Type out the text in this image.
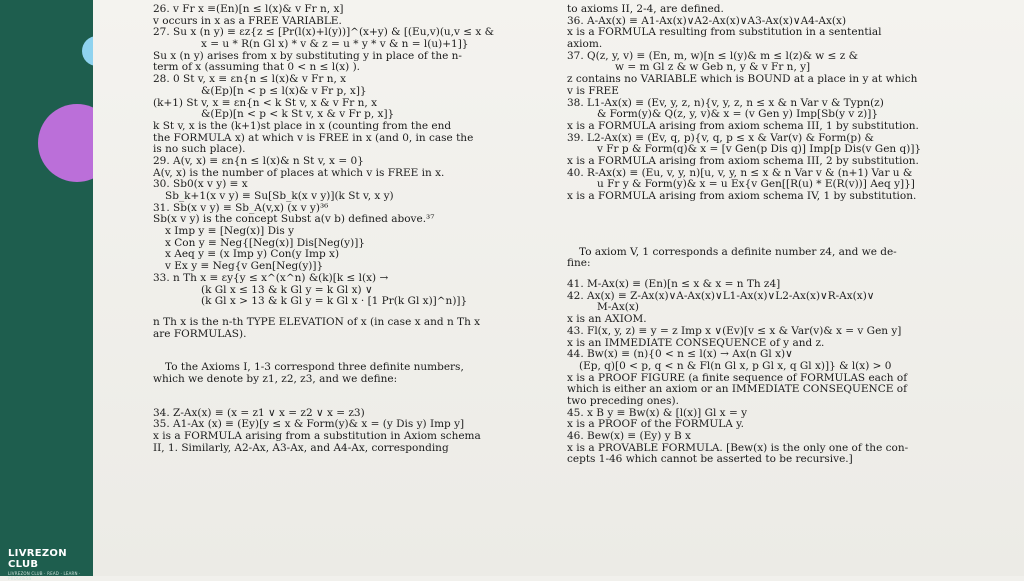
LIVREZON CLUB
LIVREZON CLUB · READ · LEARN · PROGRESS
26. v Fr x ≡(En)[n ≤ l(x)& v Fr n, x]
v occurs in x as a FREE VARIABLE.
27. Su x (n y) ≡ εz{z ≤ [Pr(l(x)+l(y))]^(x+y) & [(Eu,v)(u,v ≤ x &
x = u * R(n Gl x) * v & z = u * y * v & n = l(u)+1]}
Su x (n y) arises from x by substituting y in place of the n-
term of x (assuming that 0 < n ≤ l(x) ).
28. 0 St v, x ≡ εn{n ≤ l(x)& v Fr n, x
&(Ep)[n < p ≤ l(x)& v Fr p, x]}
(k+1) St v, x ≡ εn{n < k St v, x & v Fr n, x
&(Ep)[n < p < k St v, x & v Fr p, x]}
k St v, x is the (k+1)st place in x (counting from the end
the FORMULA x) at which v is FREE in x (and 0, in case the
is no such place).
29. A(v, x) ≡ εn{n ≤ l(x)& n St v, x = 0}
A(v, x) is the number of places at which v is FREE in x.
30. Sb0(x v y) ≡ x
Sb_k+1(x v y) ≡ Su[Sb_k(x v y)](k St v, x y)
31. Sb(x v y) ≡ Sb_A(v,x) (x v y)³⁶
Sb(x v y) is the concept Subst a(v b) defined above.³⁷
x Imp y ≡ [Neg(x)] Dis y
x Con y ≡ Neg{[Neg(x)] Dis[Neg(y)]}
x Aeq y ≡ (x Imp y) Con(y Imp x)
v Ex y ≡ Neg{v Gen[Neg(y)]}
33. n Th x ≡ εy{y ≤ x^(x^n) &(k)[k ≤ l(x) →
(k Gl x ≤ 13 & k Gl y = k Gl x) ∨
(k Gl x > 13 & k Gl y = k Gl x · [1 Pr(k Gl x)]^n)]}
n Th x is the n-th TYPE ELEVATION of x (in case x and n Th x
are FORMULAS).
To the Axioms I, 1-3 correspond three definite numbers,
which we denote by z1, z2, z3, and we define:
34. Z-Ax(x) ≡ (x = z1 ∨ x = z2 ∨ x = z3)
35. A1-Ax (x) ≡ (Ey)[y ≤ x & Form(y)& x = (y Dis y) Imp y]
x is a FORMULA arising from a substitution in Axiom schema
II, 1. Similarly, A2-Ax, A3-Ax, and A4-Ax, corresponding
to axioms II, 2-4, are defined.
36. A-Ax(x) ≡ A1-Ax(x)∨A2-Ax(x)∨A3-Ax(x)∨A4-Ax(x)
x is a FORMULA resulting from substitution in a sentential
axiom.
37. Q(z, y, v) ≡ (En, m, w)[n ≤ l(y)& m ≤ l(z)& w ≤ z &
w = m Gl z & w Geb n, y & v Fr n, y]
z contains no VARIABLE which is BOUND at a place in y at which
v is FREE
38. L1-Ax(x) ≡ (Ev, y, z, n){v, y, z, n ≤ x & n Var v & Typn(z)
& Form(y)& Q(z, y, v)& x = (v Gen y) Imp[Sb(y v z)]}
x is a FORMULA arising from axiom schema III, 1 by substitution.
39. L2-Ax(x) ≡ (Ev, q, p){v, q, p ≤ x & Var(v) & Form(p) &
v Fr p & Form(q)& x = [v Gen(p Dis q)] Imp[p Dis(v Gen q)]}
x is a FORMULA arising from axiom schema III, 2 by substitution.
40. R-Ax(x) ≡ (Eu, v, y, n)[u, v, y, n ≤ x & n Var v & (n+1) Var u &
u Fr y & Form(y)& x = u Ex{v Gen[[R(u) * E(R(v))] Aeq y]}]
x is a FORMULA arising from axiom schema IV, 1 by substitution.
To axiom V, 1 corresponds a definite number z4, and we de-
fine:
41. M-Ax(x) ≡ (En)[n ≤ x & x = n Th z4]
42. Ax(x) ≡ Z-Ax(x)∨A-Ax(x)∨L1-Ax(x)∨L2-Ax(x)∨R-Ax(x)∨
M-Ax(x)
x is an AXIOM.
43. Fl(x, y, z) ≡ y = z Imp x ∨(Ev)[v ≤ x & Var(v)& x = v Gen y]
x is an IMMEDIATE CONSEQUENCE of y and z.
44. Bw(x) ≡ (n){0 < n ≤ l(x) → Ax(n Gl x)∨
(Ep, q)[0 < p, q < n & Fl(n Gl x, p Gl x, q Gl x)]} & l(x) > 0
x is a PROOF FIGURE (a finite sequence of FORMULAS each of
which is either an axiom or an IMMEDIATE CONSEQUENCE of
two preceding ones).
45. x B y ≡ Bw(x) & [l(x)] Gl x = y
x is a PROOF of the FORMULA y.
46. Bew(x) ≡ (Ey) y B x
x is a PROVABLE FORMULA. [Bew(x) is the only one of the con-
cepts 1-46 which cannot be asserted to be recursive.]
